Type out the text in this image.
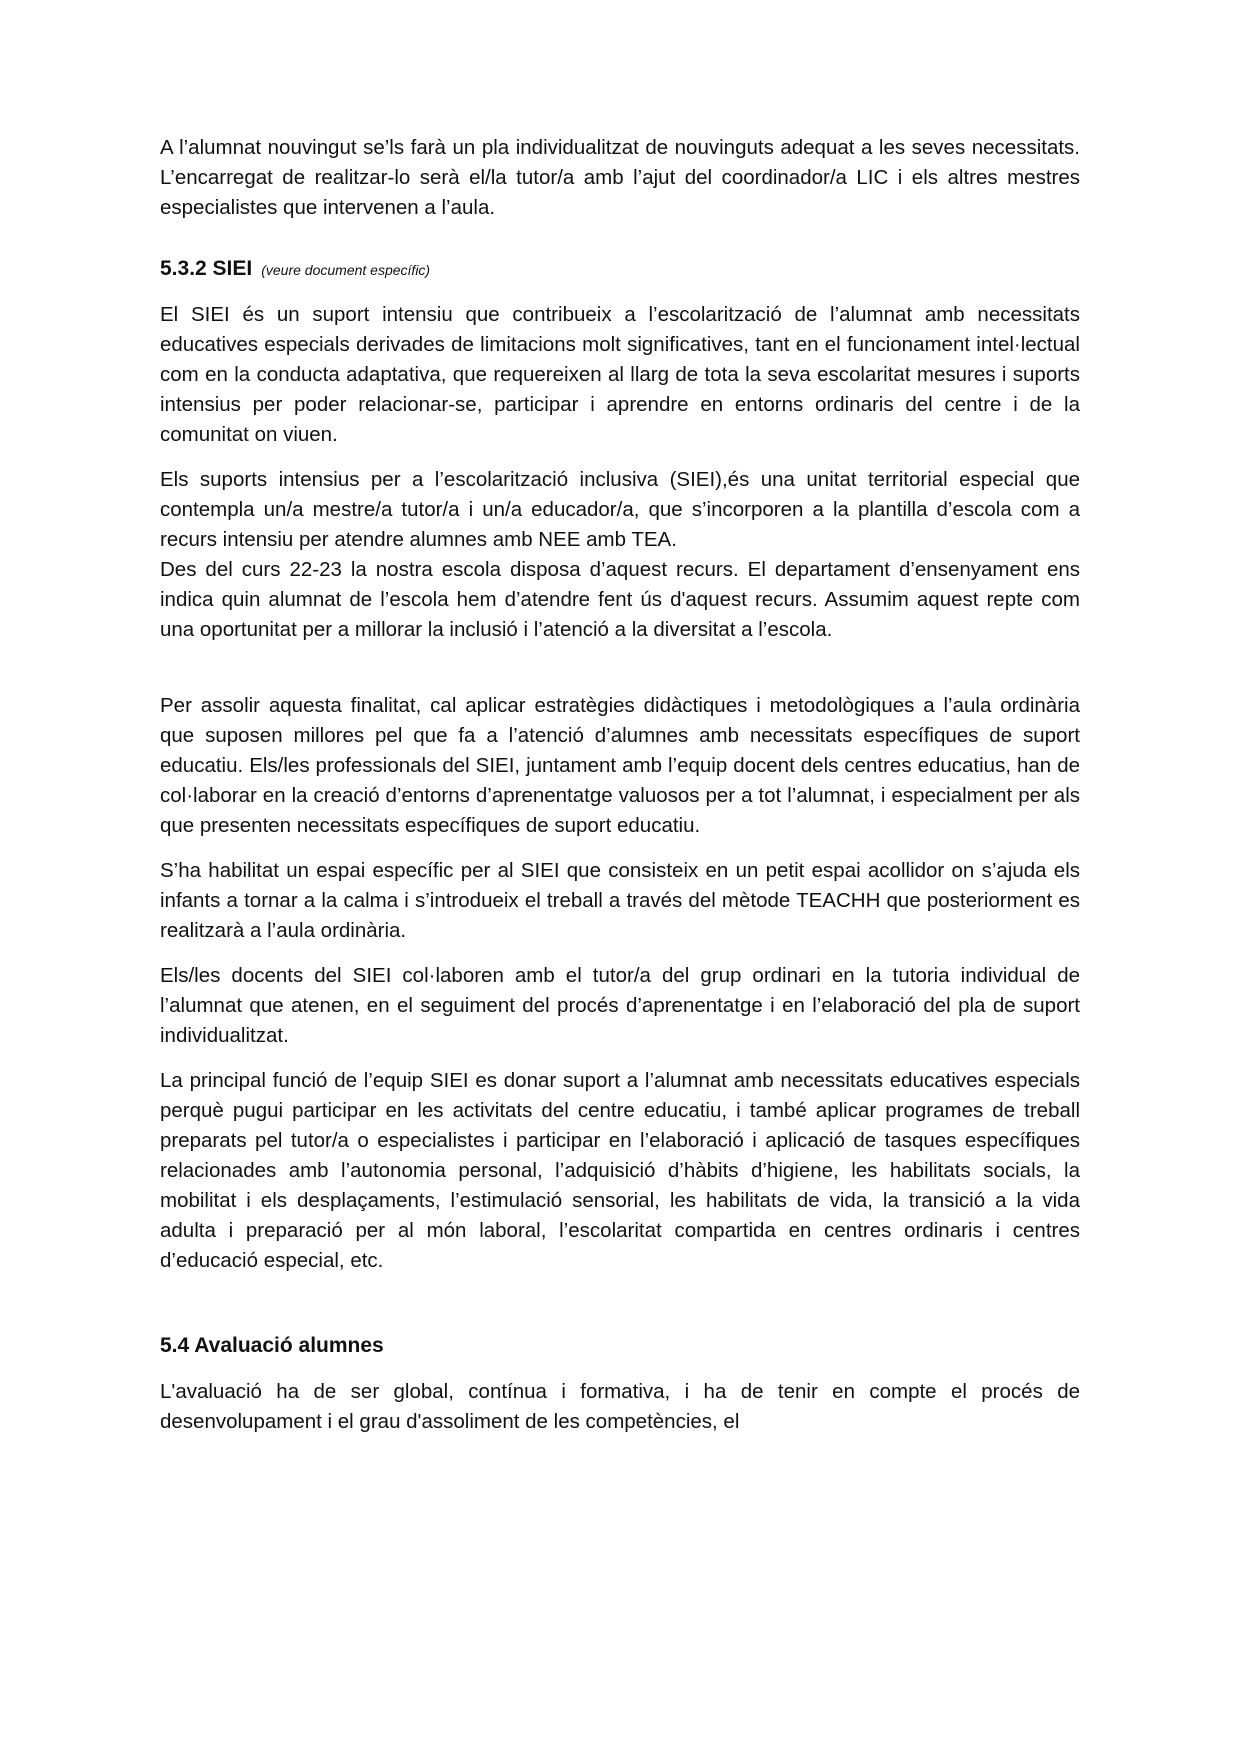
A l’alumnat nouvingut se’ls farà un pla individualitzat de nouvinguts adequat a les seves necessitats. L’encarregat de realitzar-lo serà el/la tutor/a amb l’ajut del coordinador/a LIC i els altres mestres especialistes que intervenen a l’aula.

5.3.2 SIEI (veure document específic)

El SIEI és un suport intensiu que contribueix a l’escolarització de l’alumnat amb necessitats educatives especials derivades de limitacions molt significatives, tant en el funcionament intel·lectual com en la conducta adaptativa, que requereixen al llarg de tota la seva escolaritat mesures i suports intensius per poder relacionar-se, participar i aprendre en entorns ordinaris del centre i de la comunitat on viuen.

Els suports intensius per a l’escolarització inclusiva (SIEI),és una unitat territorial especial que contempla un/a mestre/a tutor/a i un/a educador/a, que s’incorporen a la plantilla d’escola com a recurs intensiu per atendre alumnes amb NEE amb TEA.

Des del curs 22-23 la nostra escola disposa d’aquest recurs. El departament d’ensenyament ens indica quin alumnat de l’escola hem d’atendre fent ús d'aquest recurs. Assumim aquest repte com una oportunitat per a millorar la inclusió i l’atenció a la diversitat a l’escola.

Per assolir aquesta finalitat, cal aplicar estratègies didàctiques i metodològiques a l’aula ordinària que suposen millores pel que fa a l’atenció d’alumnes amb necessitats específiques de suport educatiu. Els/les professionals del SIEI, juntament amb l’equip docent dels centres educatius, han de col·laborar en la creació d’entorns d’aprenentatge valuosos per a tot l’alumnat, i especialment per als que presenten necessitats específiques de suport educatiu.

S’ha habilitat un espai específic per al SIEI que consisteix en un petit espai acollidor on s’ajuda els infants a tornar a la calma i s’introdueix el treball a través del mètode TEACHH que posteriorment es realitzarà a l’aula ordinària.

Els/les docents del SIEI col·laboren amb el tutor/a del grup ordinari en la tutoria individual de l’alumnat que atenen, en el seguiment del procés d’aprenentatge i en l’elaboració del pla de suport individualitzat.

La principal funció de l’equip SIEI es donar suport a l’alumnat amb necessitats educatives especials perquè pugui participar en les activitats del centre educatiu, i també aplicar programes de treball preparats pel tutor/a o especialistes i participar en l’elaboració i aplicació de tasques específiques relacionades amb l’autonomia personal, l’adquisició d’hàbits d’higiene, les habilitats socials, la mobilitat i els desplaçaments, l’estimulació sensorial, les habilitats de vida, la transició a la vida adulta i preparació per al món laboral, l’escolaritat compartida en centres ordinaris i centres d’educació especial, etc.

5.4 Avaluació alumnes

L'avaluació ha de ser global, contínua i formativa, i ha de tenir en compte el procés de desenvolupament i el grau d'assoliment de les competències, el
